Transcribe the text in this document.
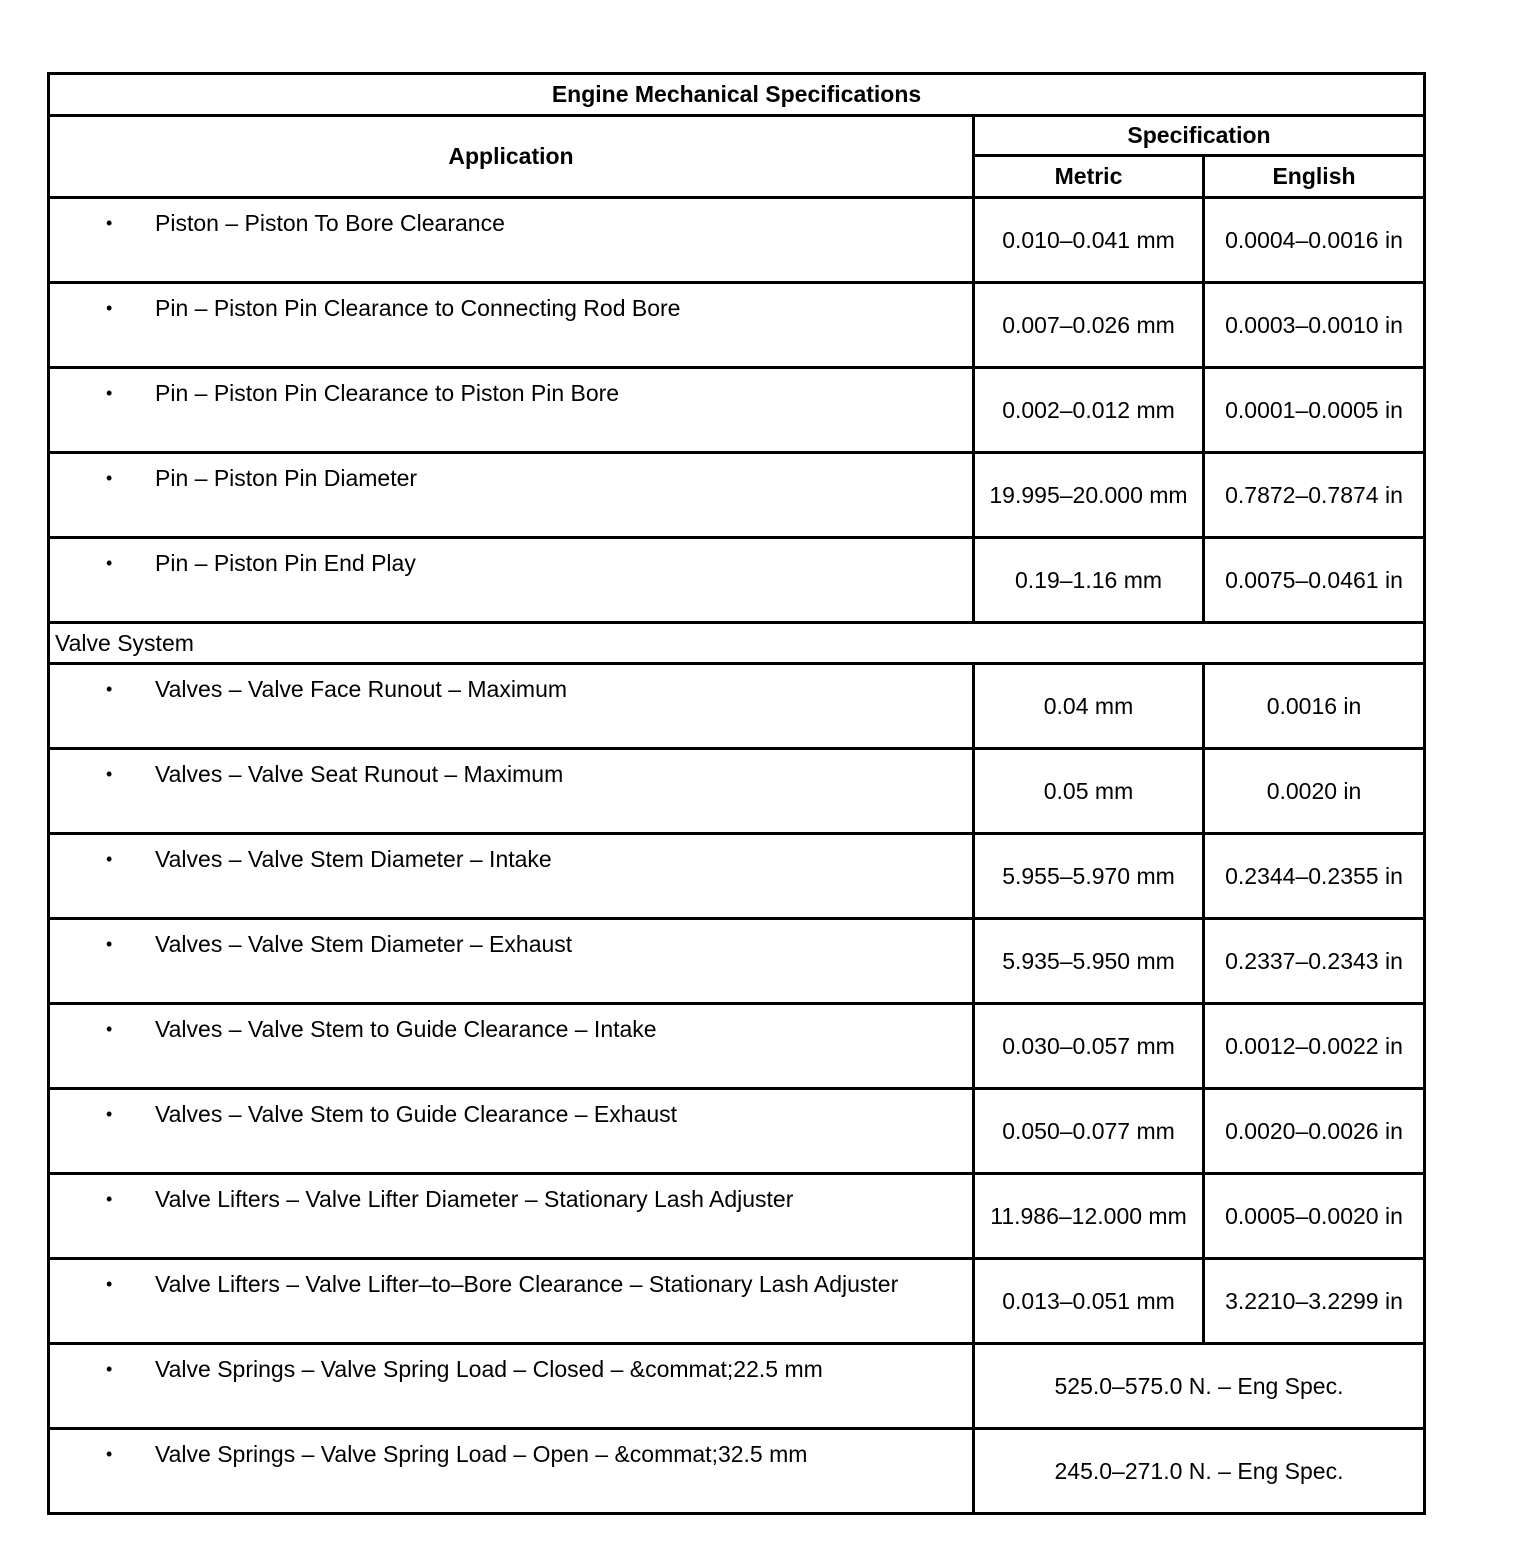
Engine Mechanical Specifications		
Application	Specification	
	Metric	English

• Piston – Piston To Bore Clearance	0.010–0.041 mm	0.0004–0.0016 in

• Pin – Piston Pin Clearance to Connecting Rod Bore	0.007–0.026 mm	0.0003–0.0010 in

• Pin – Piston Pin Clearance to Piston Pin Bore	0.002–0.012 mm	0.0001–0.0005 in

• Pin – Piston Pin Diameter	19.995–20.000 mm	0.7872–0.7874 in

• Pin – Piston Pin End Play	0.19–1.16 mm	0.0075–0.0461 in
Valve System		

• Valves – Valve Face Runout – Maximum	0.04 mm	0.0016 in

• Valves – Valve Seat Runout – Maximum	0.05 mm	0.0020 in

• Valves – Valve Stem Diameter – Intake	5.955–5.970 mm	0.2344–0.2355 in

• Valves – Valve Stem Diameter – Exhaust	5.935–5.950 mm	0.2337–0.2343 in

• Valves – Valve Stem to Guide Clearance – Intake	0.030–0.057 mm	0.0012–0.0022 in

• Valves – Valve Stem to Guide Clearance – Exhaust	0.050–0.077 mm	0.0020–0.0026 in

• Valve Lifters – Valve Lifter Diameter – Stationary Lash Adjuster	11.986–12.000 mm	0.0005–0.0020 in

• Valve Lifters – Valve Lifter–to–Bore Clearance – Stationary Lash Adjuster	0.013–0.051 mm	3.2210–3.2299 in

• Valve Springs – Valve Spring Load – Closed – &commat;22.5 mm	525.0–575.0 N. – Eng Spec.	

• Valve Springs – Valve Spring Load – Open – &commat;32.5 mm	245.0–271.0 N. – Eng Spec.	
